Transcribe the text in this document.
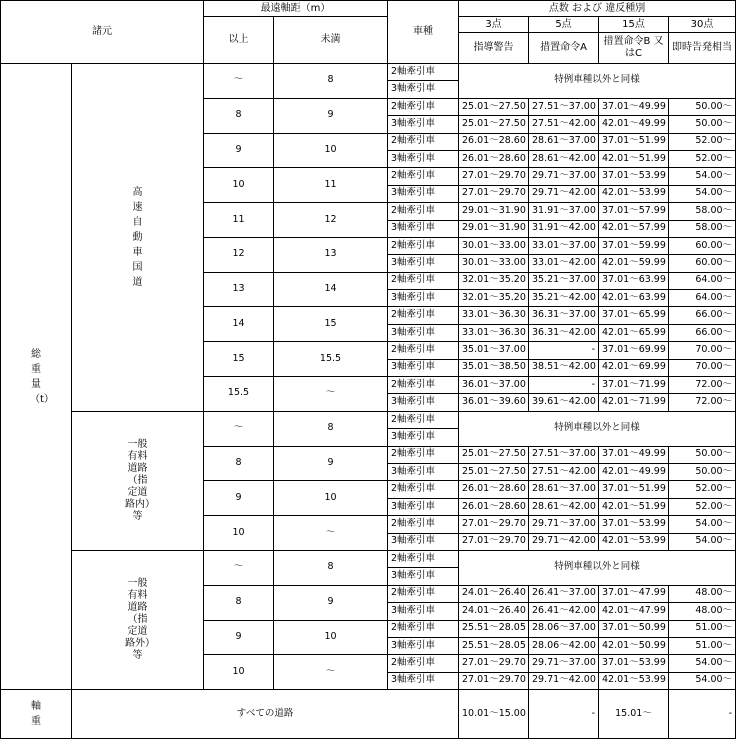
諸元		最遠軸距（m）		車種	点数 および 違反種別			
		以上	未満		3点	5点	15点	30点
					指導警告	措置命令A	措置命令B 又はC	即時告発相当
総重量（t）	高速自動車国道	～	8	2軸牽引車	特例車種以外と同様			
				3軸牽引車				
		8	9	2軸牽引車	25.01～27.50	27.51～37.00	37.01～49.99	50.00～
				3軸牽引車	25.01～27.50	27.51～42.00	42.01～49.99	50.00～
		9	10	2軸牽引車	26.01～28.60	28.61～37.00	37.01～51.99	52.00～
				3軸牽引車	26.01～28.60	28.61～42.00	42.01～51.99	52.00～
		10	11	2軸牽引車	27.01～29.70	29.71～37.00	37.01～53.99	54.00～
				3軸牽引車	27.01～29.70	29.71～42.00	42.01～53.99	54.00～
		11	12	2軸牽引車	29.01～31.90	31.91～37.00	37.01～57.99	58.00～
				3軸牽引車	29.01～31.90	31.91～42.00	42.01～57.99	58.00～
		12	13	2軸牽引車	30.01～33.00	33.01～37.00	37.01～59.99	60.00～
				3軸牽引車	30.01～33.00	33.01～42.00	42.01～59.99	60.00～
		13	14	2軸牽引車	32.01～35.20	35.21～37.00	37.01～63.99	64.00～
				3軸牽引車	32.01～35.20	35.21～42.00	42.01～63.99	64.00～
		14	15	2軸牽引車	33.01～36.30	36.31～37.00	37.01～65.99	66.00～
				3軸牽引車	33.01～36.30	36.31～42.00	42.01～65.99	66.00～
		15	15.5	2軸牽引車	35.01～37.00	-	37.01～69.99	70.00～
				3軸牽引車	35.01～38.50	38.51～42.00	42.01～69.99	70.00～
		15.5	～	2軸牽引車	36.01～37.00	-	37.01～71.99	72.00～
				3軸牽引車	36.01～39.60	39.61～42.00	42.01～71.99	72.00～
	一般有料道路（指定道路内）等	～	8	2軸牽引車	特例車種以外と同様			
				3軸牽引車				
		8	9	2軸牽引車	25.01～27.50	27.51～37.00	37.01～49.99	50.00～
				3軸牽引車	25.01～27.50	27.51～42.00	42.01～49.99	50.00～
		9	10	2軸牽引車	26.01～28.60	28.61～37.00	37.01～51.99	52.00～
				3軸牽引車	26.01～28.60	28.61～42.00	42.01～51.99	52.00～
		10	～	2軸牽引車	27.01～29.70	29.71～37.00	37.01～53.99	54.00～
				3軸牽引車	27.01～29.70	29.71～42.00	42.01～53.99	54.00～
	一般有料道路（指定道路外）等	～	8	2軸牽引車	特例車種以外と同様			
				3軸牽引車				
		8	9	2軸牽引車	24.01～26.40	26.41～37.00	37.01～47.99	48.00～
				3軸牽引車	24.01～26.40	26.41～42.00	42.01～47.99	48.00～
		9	10	2軸牽引車	25.51～28.05	28.06～37.00	37.01～50.99	51.00～
				3軸牽引車	25.51～28.05	28.06～42.00	42.01～50.99	51.00～
		10	～	2軸牽引車	27.01～29.70	29.71～37.00	37.01～53.99	54.00～
				3軸牽引車	27.01～29.70	29.71～42.00	42.01～53.99	54.00～
軸重	すべての道路				10.01～15.00	-	15.01～	-
